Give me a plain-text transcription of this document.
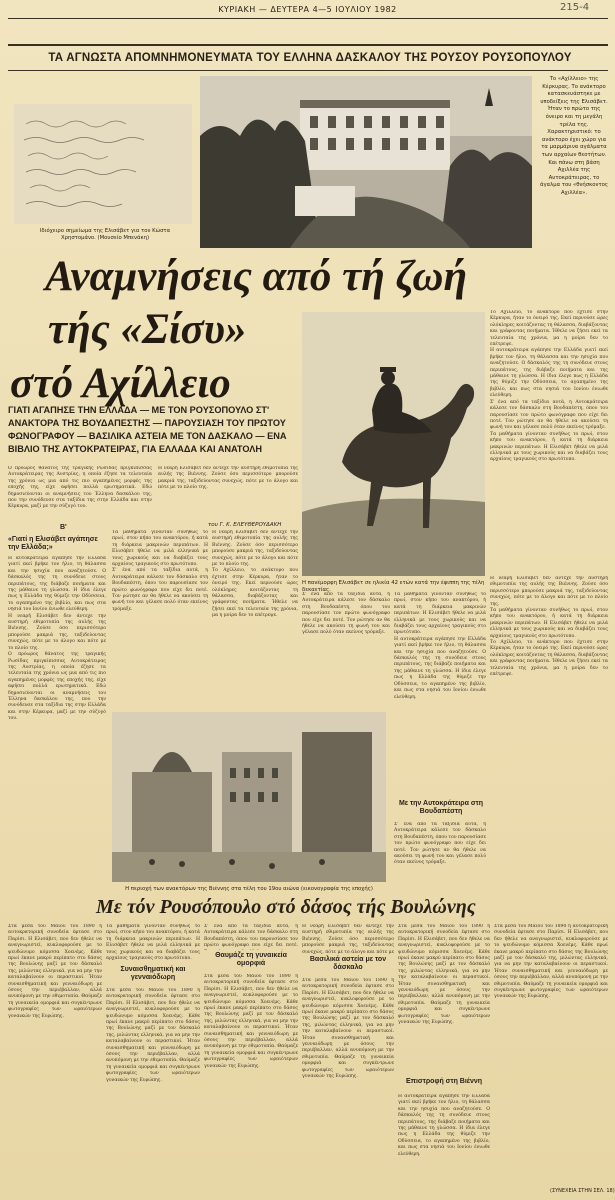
215-4
ΚΥΡΙΑΚΗ — ΔΕΥΤΕΡΑ 4—5 ΙΟΥΛΙΟΥ 1982
ΤΑ ΑΓΝΩΣΤΑ ΑΠΟΜΝΗΜΟΝΕΥΜΑΤΑ ΤΟΥ ΕΛΛΗΝΑ ΔΑΣΚΑΛΟΥ ΤΗΣ ΡΟΥΣΟΥ ΡΟΥΣΟΠΟΥΛΟΥ
Ιδιόχειρο σημείωμα της Ελισάβετ για τον Κώστα Χρηστομάνο. (Μουσείο Μπενάκη)
Το «Αχίλλειο» της Κέρκυρας. Το ανάκτορο κατασκευάστηκε με υποδείξεις της Ελισάβετ. Ήταν το πρώτο της όνειρο και τη μεγάλη τρέλα της. Χαρακτηριστικό: το ανάκτορο έχει χώρο για τα μαρμάρινα αγάλματα των αρχαίων θεοτήτων. Και πάνω στη βάση Αχιλλέα της Αυτοκράτειρας, το άγαλμα του «θνήσκοντος Αχιλλέα».
Αναμνήσεις από τή ζωή
τής «Σίσυ»
στό Αχίλλειο
ΓΙΑΤΙ ΑΓΑΠΗΣΕ ΤΗΝ ΕΛΛΑΔΑ — ΜΕ ΤΟΝ ΡΟΥΣΟΠΟΥΛΟ ΣΤ' ΑΝΑΚΤΟΡΑ ΤΗΣ ΒΟΥΔΑΠΕΣΤΗΣ — ΠΑΡΟΥΣΙΑΣΗ ΤΟΥ ΠΡΩΤΟΥ ΦΩΝΟΓΡΑΦΟΥ — ΒΑΣΙΛΙΚΑ ΑΣΤΕΙΑ ΜΕ ΤΟΝ ΔΑΣΚΑΛΟ — ΕΝΑ ΒΙΒΛΙΟ ΤΗΣ ΑΥΤΟΚΡΑΤΕΙΡΑΣ, ΓΙΑ ΕΛΛΑΔΑ ΚΑΙ ΑΝΑΤΟΛΗ
Η πανέμορφη Ελισάβετ σε ηλικία 42 ετών κατά την έφιππη της τέλη δεκαετίας.

Το Αχίλλειο, το ανάκτορο που έχτισε στην Κέρκυρα, ήταν το όνειρό της. Εκεί περνούσε ώρες ολόκληρες κοιτάζοντας τη θάλασσα, διαβάζοντας και γράφοντας ποιήματα. Ήθελε να ζήσει εκεί τα τελευταία της χρόνια, μα η μοίρα δεν το επέτρεψε.

Η αυτοκράτειρα αγάπησε την Ελλάδα γιατί εκεί βρήκε τον ήλιο, τη θάλασσα και την ησυχία που αναζητούσε. Ο δάσκαλός της τη συνόδευε στους περιπάτους, της διάβαζε ποιήματα και της μάθαινε τη γλώσσα. Η ίδια έλεγε πως η Ελλάδα της θύμιζε την Οδύσσεια, το αγαπημένο της βιβλίο, και πως στα νησιά του Ιονίου ένιωθε ελεύθερη.

Σ' ένα από τα ταξίδια αυτά, η Αυτοκράτειρα κάλεσε τον δάσκαλο στη Βουδαπέστη, όπου του παρουσίασε τον πρώτο φωνόγραφο που είχε δει ποτέ. Τον ρώτησε αν θα ήθελε να ακούσει τη φωνή του και γέλασε πολύ όταν εκείνος τρόμαξε.

Τα μαθήματα γίνονταν συνήθως το πρωί, στον κήπο του ανακτόρου, ή κατά τη διάρκεια μακρινών περιπάτων. Η Ελισάβετ ήθελε να μιλά ελληνικά με τους χωρικούς και να διαβάζει τους αρχαίους τραγικούς στο πρωτότυπο.

Ο πρόωρος θάνατος της τραγικής Ρωσίδας πριγκίπισσας Αυτοκράτειρας της Αυστρίας, η οποία έζησε τα τελευταία της χρόνια ως μια από τις πιο αγαπημένες μορφές της εποχής της, είχε αφήσει πολλά ερωτηματικά. Εδώ δημοσιεύονται οι αναμνήσεις του Έλληνα δασκάλου της, που την συνόδευσε στα ταξίδια της στην Ελλάδα και στην Κέρκυρα, μαζί με την σύζυγό του.
Η νεαρή Ελισάβετ δεν άντεχε την αυστηρή εθιμοτυπία της αυλής της Βιέννης. Ζούσε όσο περισσότερο μπορούσε μακριά της, ταξιδεύοντας συνεχώς, πότε με το άλογο και πότε με το πλοίο της.
Β'
«Γιατί η Ελισάβετ αγάπησε την Ελλάδα;»
του Γ. Κ. ΕΛΕΥΘΕΡΟΥΔΑΚΗ

Η αυτοκράτειρα αγάπησε την Ελλάδα γιατί εκεί βρήκε τον ήλιο, τη θάλασσα και την ησυχία που αναζητούσε. Ο δάσκαλός της τη συνόδευε στους περιπάτους, της διάβαζε ποιήματα και της μάθαινε τη γλώσσα. Η ίδια έλεγε πως η Ελλάδα της θύμιζε την Οδύσσεια, το αγαπημένο της βιβλίο, και πως στα νησιά του Ιονίου ένιωθε ελεύθερη.

Η νεαρή Ελισάβετ δεν άντεχε την αυστηρή εθιμοτυπία της αυλής της Βιέννης. Ζούσε όσο περισσότερο μπορούσε μακριά της, ταξιδεύοντας συνεχώς, πότε με το άλογο και πότε με το πλοίο της.

Ο πρόωρος θάνατος της τραγικής Ρωσίδας πριγκίπισσας Αυτοκράτειρας της Αυστρίας, η οποία έζησε τα τελευταία της χρόνια ως μια από τις πιο αγαπημένες μορφές της εποχής της, είχε αφήσει πολλά ερωτηματικά. Εδώ δημοσιεύονται οι αναμνήσεις του Έλληνα δασκάλου της, που την συνόδευσε στα ταξίδια της στην Ελλάδα και στην Κέρκυρα, μαζί με την σύζυγό του.

Τα μαθήματα γίνονταν συνήθως το πρωί, στον κήπο του ανακτόρου, ή κατά τη διάρκεια μακρινών περιπάτων. Η Ελισάβετ ήθελε να μιλά ελληνικά με τους χωρικούς και να διαβάζει τους αρχαίους τραγικούς στο πρωτότυπο.

Σ' ένα από τα ταξίδια αυτά, η Αυτοκράτειρα κάλεσε τον δάσκαλο στη Βουδαπέστη, όπου του παρουσίασε τον πρώτο φωνόγραφο που είχε δει ποτέ. Τον ρώτησε αν θα ήθελε να ακούσει τη φωνή του και γέλασε πολύ όταν εκείνος τρόμαξε.

Η νεαρή Ελισάβετ δεν άντεχε την αυστηρή εθιμοτυπία της αυλής της Βιέννης. Ζούσε όσο περισσότερο μπορούσε μακριά της, ταξιδεύοντας συνεχώς, πότε με το άλογο και πότε με το πλοίο της.

Το Αχίλλειο, το ανάκτορο που έχτισε στην Κέρκυρα, ήταν το όνειρό της. Εκεί περνούσε ώρες ολόκληρες κοιτάζοντας τη θάλασσα, διαβάζοντας και γράφοντας ποιήματα. Ήθελε να ζήσει εκεί τα τελευταία της χρόνια, μα η μοίρα δεν το επέτρεψε.

Σ' ένα από τα ταξίδια αυτά, η Αυτοκράτειρα κάλεσε τον δάσκαλο στη Βουδαπέστη, όπου του παρουσίασε τον πρώτο φωνόγραφο που είχε δει ποτέ. Τον ρώτησε αν θα ήθελε να ακούσει τη φωνή του και γέλασε πολύ όταν εκείνος τρόμαξε.

Τα μαθήματα γίνονταν συνήθως το πρωί, στον κήπο του ανακτόρου, ή κατά τη διάρκεια μακρινών περιπάτων. Η Ελισάβετ ήθελε να μιλά ελληνικά με τους χωρικούς και να διαβάζει τους αρχαίους τραγικούς στο πρωτότυπο.

Η αυτοκράτειρα αγάπησε την Ελλάδα γιατί εκεί βρήκε τον ήλιο, τη θάλασσα και την ησυχία που αναζητούσε. Ο δάσκαλός της τη συνόδευε στους περιπάτους, της διάβαζε ποιήματα και της μάθαινε τη γλώσσα. Η ίδια έλεγε πως η Ελλάδα της θύμιζε την Οδύσσεια, το αγαπημένο της βιβλίο, και πως στα νησιά του Ιονίου ένιωθε ελεύθερη.

Με την Αυτοκράτειρα στη Βουδαπέστη
Σ' ένα από τα ταξίδια αυτά, η Αυτοκράτειρα κάλεσε τον δάσκαλο στη Βουδαπέστη, όπου του παρουσίασε τον πρώτο φωνόγραφο που είχε δει ποτέ. Τον ρώτησε αν θα ήθελε να ακούσει τη φωνή του και γέλασε πολύ όταν εκείνος τρόμαξε.

Η νεαρή Ελισάβετ δεν άντεχε την αυστηρή εθιμοτυπία της αυλής της Βιέννης. Ζούσε όσο περισσότερο μπορούσε μακριά της, ταξιδεύοντας συνεχώς, πότε με το άλογο και πότε με το πλοίο της.

Τα μαθήματα γίνονταν συνήθως το πρωί, στον κήπο του ανακτόρου, ή κατά τη διάρκεια μακρινών περιπάτων. Η Ελισάβετ ήθελε να μιλά ελληνικά με τους χωρικούς και να διαβάζει τους αρχαίους τραγικούς στο πρωτότυπο.

Το Αχίλλειο, το ανάκτορο που έχτισε στην Κέρκυρα, ήταν το όνειρό της. Εκεί περνούσε ώρες ολόκληρες κοιτάζοντας τη θάλασσα, διαβάζοντας και γράφοντας ποιήματα. Ήθελε να ζήσει εκεί τα τελευταία της χρόνια, μα η μοίρα δεν το επέτρεψε.

Η περιοχή των ανακτόρων της Βιέννης στα τέλη του 19ου αιώνα (εικονογραφία της εποχής)
Με τόν Ρουσόπουλο στό δάσος τής Βουλώνης
Στα μέσα του Μαΐου του 1890 η αυτοκρατορική συνοδεία έφτασε στο Παρίσι. Η Ελισάβετ, που δεν ήθελε να αναγνωριστεί, κυκλοφορούσε με το ψευδώνυμο κόμισσα Χοενέμς. Κάθε πρωί έκανε μακρύ περίπατο στο δάσος της Βουλώνης μαζί με τον δάσκαλό της, μιλώντας ελληνικά, για να μην την καταλαβαίνουν οι περαστικοί. Ήταν συναισθηματική και γενναιόδωρη με όσους την περιέβαλλαν, αλλά ανυπόμονη με την εθιμοτυπία. Θαύμαζε τη γυναικεία ομορφιά και συγκέντρωνε φωτογραφίες των ωραιότερων γυναικών της Ευρώπης.
Τα μαθήματα γίνονταν συνήθως το πρωί, στον κήπο του ανακτόρου, ή κατά τη διάρκεια μακρινών περιπάτων. Η Ελισάβετ ήθελε να μιλά ελληνικά με τους χωρικούς και να διαβάζει τους αρχαίους τραγικούς στο πρωτότυπο.
Συναισθηματική και γενναιόδωρη
Στα μέσα του Μαΐου του 1890 η αυτοκρατορική συνοδεία έφτασε στο Παρίσι. Η Ελισάβετ, που δεν ήθελε να αναγνωριστεί, κυκλοφορούσε με το ψευδώνυμο κόμισσα Χοενέμς. Κάθε πρωί έκανε μακρύ περίπατο στο δάσος της Βουλώνης μαζί με τον δάσκαλό της, μιλώντας ελληνικά, για να μην την καταλαβαίνουν οι περαστικοί. Ήταν συναισθηματική και γενναιόδωρη με όσους την περιέβαλλαν, αλλά ανυπόμονη με την εθιμοτυπία. Θαύμαζε τη γυναικεία ομορφιά και συγκέντρωνε φωτογραφίες των ωραιότερων γυναικών της Ευρώπης.
Σ' ένα από τα ταξίδια αυτά, η Αυτοκράτειρα κάλεσε τον δάσκαλο στη Βουδαπέστη, όπου του παρουσίασε τον πρώτο φωνόγραφο που είχε δει ποτέ.
Θαυμάζε τη γυναικεία ομορφιά
Στα μέσα του Μαΐου του 1890 η αυτοκρατορική συνοδεία έφτασε στο Παρίσι. Η Ελισάβετ, που δεν ήθελε να αναγνωριστεί, κυκλοφορούσε με το ψευδώνυμο κόμισσα Χοενέμς. Κάθε πρωί έκανε μακρύ περίπατο στο δάσος της Βουλώνης μαζί με τον δάσκαλό της, μιλώντας ελληνικά, για να μην την καταλαβαίνουν οι περαστικοί. Ήταν συναισθηματική και γενναιόδωρη με όσους την περιέβαλλαν, αλλά ανυπόμονη με την εθιμοτυπία. Θαύμαζε τη γυναικεία ομορφιά και συγκέντρωνε φωτογραφίες των ωραιότερων γυναικών της Ευρώπης.
Η νεαρή Ελισάβετ δεν άντεχε την αυστηρή εθιμοτυπία της αυλής της Βιέννης. Ζούσε όσο περισσότερο μπορούσε μακριά της, ταξιδεύοντας συνεχώς, πότε με το άλογο και πότε με
Βασιλικά αστεία με τον δάσκαλο
Στα μέσα του Μαΐου του 1890 η αυτοκρατορική συνοδεία έφτασε στο Παρίσι. Η Ελισάβετ, που δεν ήθελε να αναγνωριστεί, κυκλοφορούσε με το ψευδώνυμο κόμισσα Χοενέμς. Κάθε πρωί έκανε μακρύ περίπατο στο δάσος της Βουλώνης μαζί με τον δάσκαλό της, μιλώντας ελληνικά, για να μην την καταλαβαίνουν οι περαστικοί. Ήταν συναισθηματική και γενναιόδωρη με όσους την περιέβαλλαν, αλλά ανυπόμονη με την εθιμοτυπία. Θαύμαζε τη γυναικεία ομορφιά και συγκέντρωνε φωτογραφίες των ωραιότερων γυναικών της Ευρώπης.
Στα μέσα του Μαΐου του 1890 η αυτοκρατορική συνοδεία έφτασε στο Παρίσι. Η Ελισάβετ, που δεν ήθελε να αναγνωριστεί, κυκλοφορούσε με το ψευδώνυμο κόμισσα Χοενέμς. Κάθε πρωί έκανε μακρύ περίπατο στο δάσος της Βουλώνης μαζί με τον δάσκαλό της, μιλώντας ελληνικά, για να μην την καταλαβαίνουν οι περαστικοί. Ήταν συναισθηματική και γενναιόδωρη με όσους την περιέβαλλαν, αλλά ανυπόμονη με την εθιμοτυπία. Θαύμαζε τη γυναικεία ομορφιά και συγκέντρωνε φωτογραφίες των ωραιότερων γυναικών της Ευρώπης.
Επιστροφή στη Βιέννη
Η αυτοκράτειρα αγάπησε την Ελλάδα γιατί εκεί βρήκε τον ήλιο, τη θάλασσα και την ησυχία που αναζητούσε. Ο δάσκαλός της τη συνόδευε στους περιπάτους, της διάβαζε ποιήματα και της μάθαινε τη γλώσσα. Η ίδια έλεγε πως η Ελλάδα της θύμιζε την Οδύσσεια, το αγαπημένο της βιβλίο, και πως στα νησιά του Ιονίου ένιωθε ελεύθερη.
Στα μέσα του Μαΐου του 1890 η αυτοκρατορική συνοδεία έφτασε στο Παρίσι. Η Ελισάβετ, που δεν ήθελε να αναγνωριστεί, κυκλοφορούσε με το ψευδώνυμο κόμισσα Χοενέμς. Κάθε πρωί έκανε μακρύ περίπατο στο δάσος της Βουλώνης μαζί με τον δάσκαλό της, μιλώντας ελληνικά, για να μην την καταλαβαίνουν οι περαστικοί. Ήταν συναισθηματική και γενναιόδωρη με όσους την περιέβαλλαν, αλλά ανυπόμονη με την εθιμοτυπία. Θαύμαζε τη γυναικεία ομορφιά και συγκέντρωνε φωτογραφίες των ωραιότερων γυναικών της Ευρώπης.
(ΣΥΝΕΧΕΙΑ ΣΤΗΝ ΣΕΛ. 18)
